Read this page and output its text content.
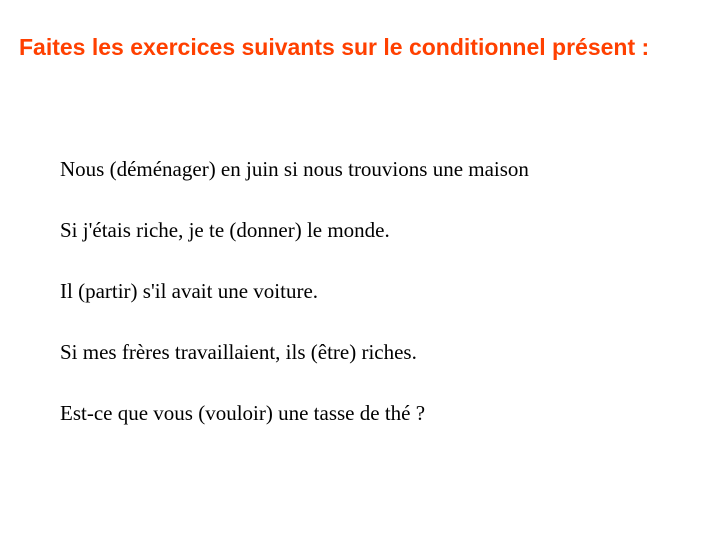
Faites les exercices suivants sur le conditionnel présent :
Nous (déménager) en juin si nous trouvions une maison
Si j'étais riche, je te (donner) le monde.
Il (partir) s'il avait une voiture.
Si mes frères travaillaient, ils (être) riches.
Est-ce que vous (vouloir) une tasse de thé ?
